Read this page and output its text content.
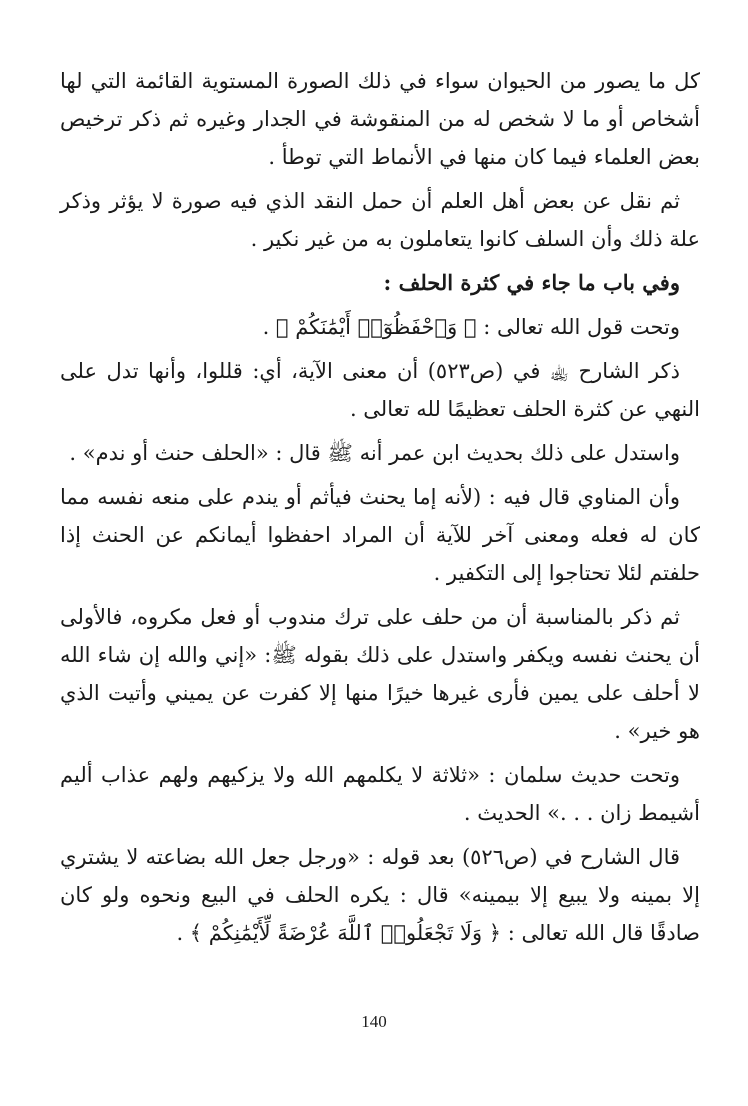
كل ما يصور من الحيوان سواء في ذلك الصورة المستوية القائمة التي لها أشخاص أو ما لا شخص له من المنقوشة في الجدار وغيره ثم ذكر ترخيص بعض العلماء فيما كان منها في الأنماط التي توطأ .

ثم نقل عن بعض أهل العلم أن حمل النقد الذي فيه صورة لا يؤثر وذكر علة ذلك وأن السلف كانوا يتعاملون به من غير نكير .

وفي باب ما جاء في كثرة الحلف :

وتحت قول الله تعالى : ﴿ وَٱحْفَظُوٓا۟ أَيْمَٰنَكُمْ ﴾ .

ذكر الشارح ﵀ في (ص٥٢٣) أن معنى الآية، أي: قللوا، وأنها تدل على النهي عن كثرة الحلف تعظيمًا لله تعالى .

واستدل على ذلك بحديث ابن عمر أنه ﷺ قال : «الحلف حنث أو ندم» .

وأن المناوي قال فيه : (لأنه إما يحنث فيأثم أو يندم على منعه نفسه مما كان له فعله ومعنى آخر للآية أن المراد احفظوا أيمانكم عن الحنث إذا حلفتم لئلا تحتاجوا إلى التكفير .

ثم ذكر بالمناسبة أن من حلف على ترك مندوب أو فعل مكروه، فالأولى أن يحنث نفسه ويكفر واستدل على ذلك بقوله ﷺ: «إني والله إن شاء الله لا أحلف على يمين فأرى غيرها خيرًا منها إلا كفرت عن يميني وأتيت الذي هو خير» .

وتحت حديث سلمان : «ثلاثة لا يكلمهم الله ولا يزكيهم ولهم عذاب أليم أشيمط زان . . .» الحديث .

قال الشارح في (ص٥٢٦) بعد قوله : «ورجل جعل الله بضاعته لا يشتري إلا بمينه ولا يبيع إلا بيمينه» قال : يكره الحلف في البيع ونحوه ولو كان صادقًا قال الله تعالى : ﴿ وَلَا تَجْعَلُوا۟ ٱللَّهَ عُرْضَةً لِّأَيْمَٰنِكُمْ ﴾ .

140
